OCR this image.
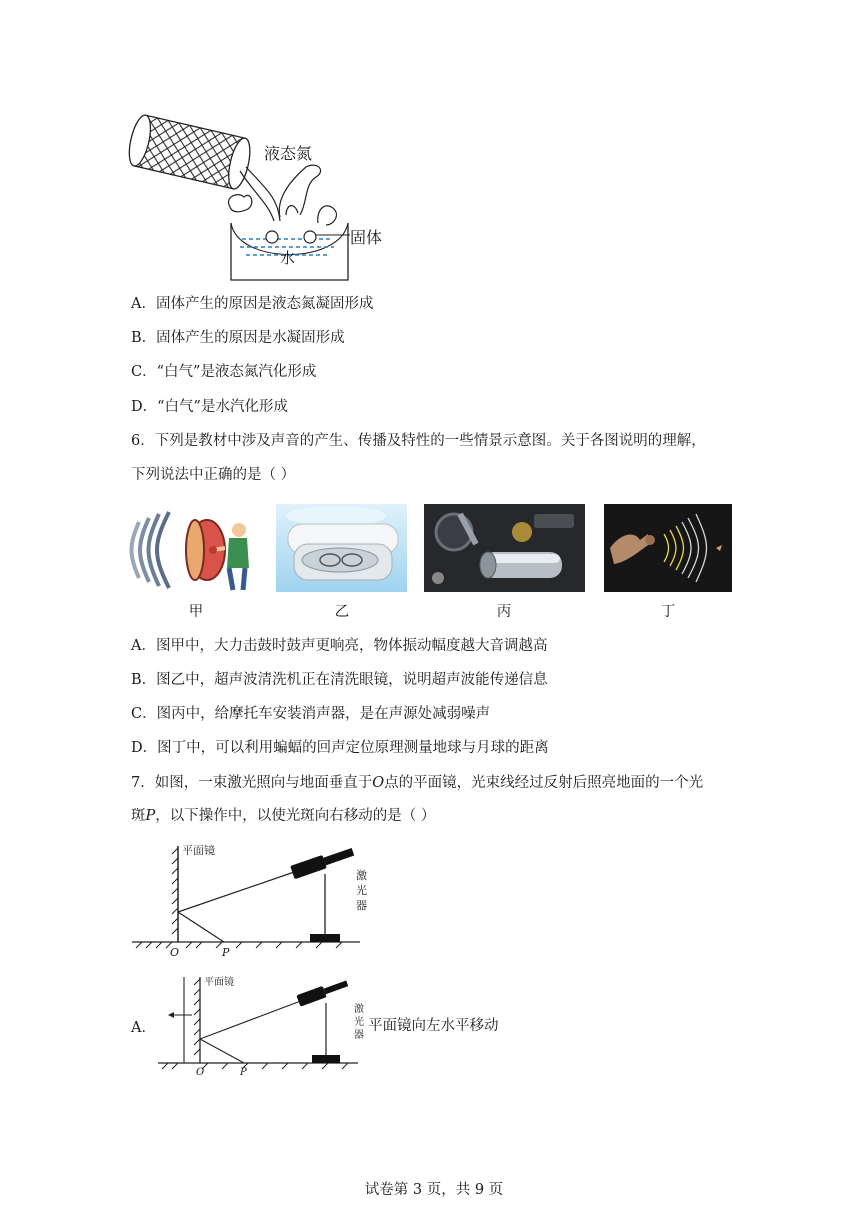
液态氮
固体
水
A．固体产生的原因是液态氮凝固形成
B．固体产生的原因是水凝固形成
C．“白气”是液态氮汽化形成
D．“白气”是水汽化形成
6．下列是教材中涉及声音的产生、传播及特性的一些情景示意图。关于各图说明的理解，
下列说法中正确的是（ ）
甲	乙	丙	丁
A．图甲中，大力击鼓时鼓声更响亮，物体振动幅度越大音调越高
B．图乙中，超声波清洗机正在清洗眼镜，说明超声波能传递信息
C．图丙中，给摩托车安装消声器，是在声源处减弱噪声
D．图丁中，可以利用蝙蝠的回声定位原理测量地球与月球的距离
7．如图，一束激光照向与地面垂直于O点的平面镜，光束线经过反射后照亮地面的一个光
斑P，以下操作中，以使光斑向右移动的是（ ）
平面镜
激
光
器
O	P
A．
平面镜
激
光
器
O	P
平面镜向左水平移动
试卷第 3 页，共 9 页
